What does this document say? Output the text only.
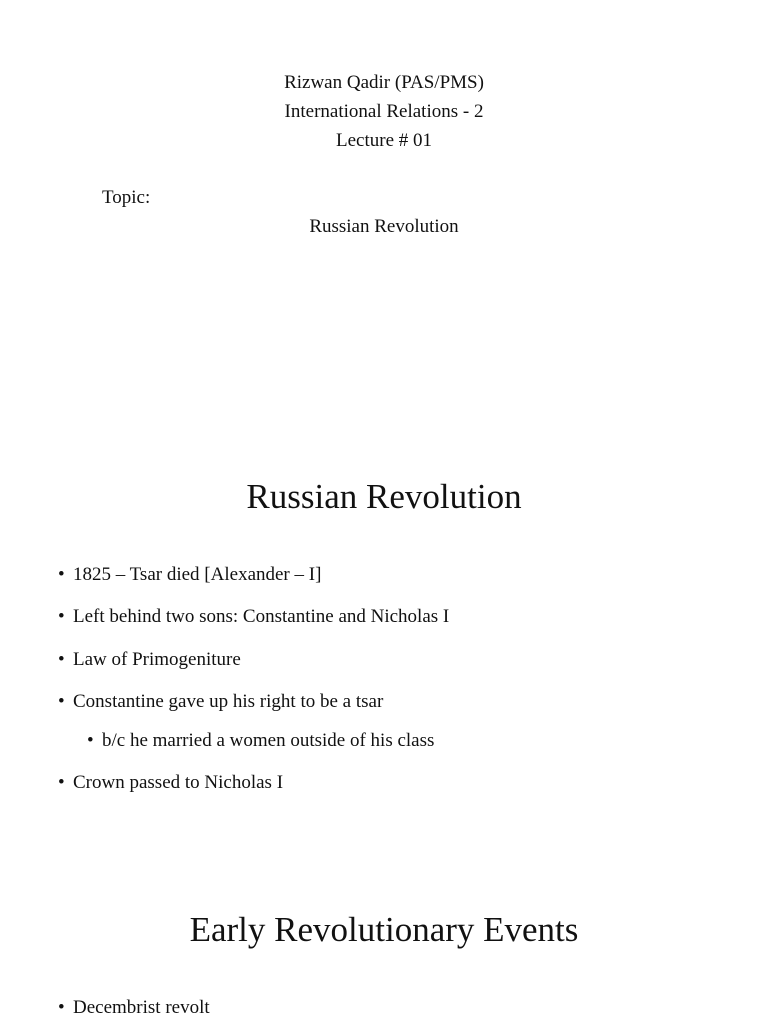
Rizwan Qadir (PAS/PMS)
International Relations - 2
Lecture # 01
Topic:
Russian Revolution
Russian Revolution
• 1825 – Tsar died [Alexander – I]
• Left behind two sons: Constantine and Nicholas I
• Law of Primogeniture
• Constantine gave up his right to be a tsar
• b/c he married a women outside of his class
• Crown passed to Nicholas I
Early Revolutionary Events
• Decembrist revolt
